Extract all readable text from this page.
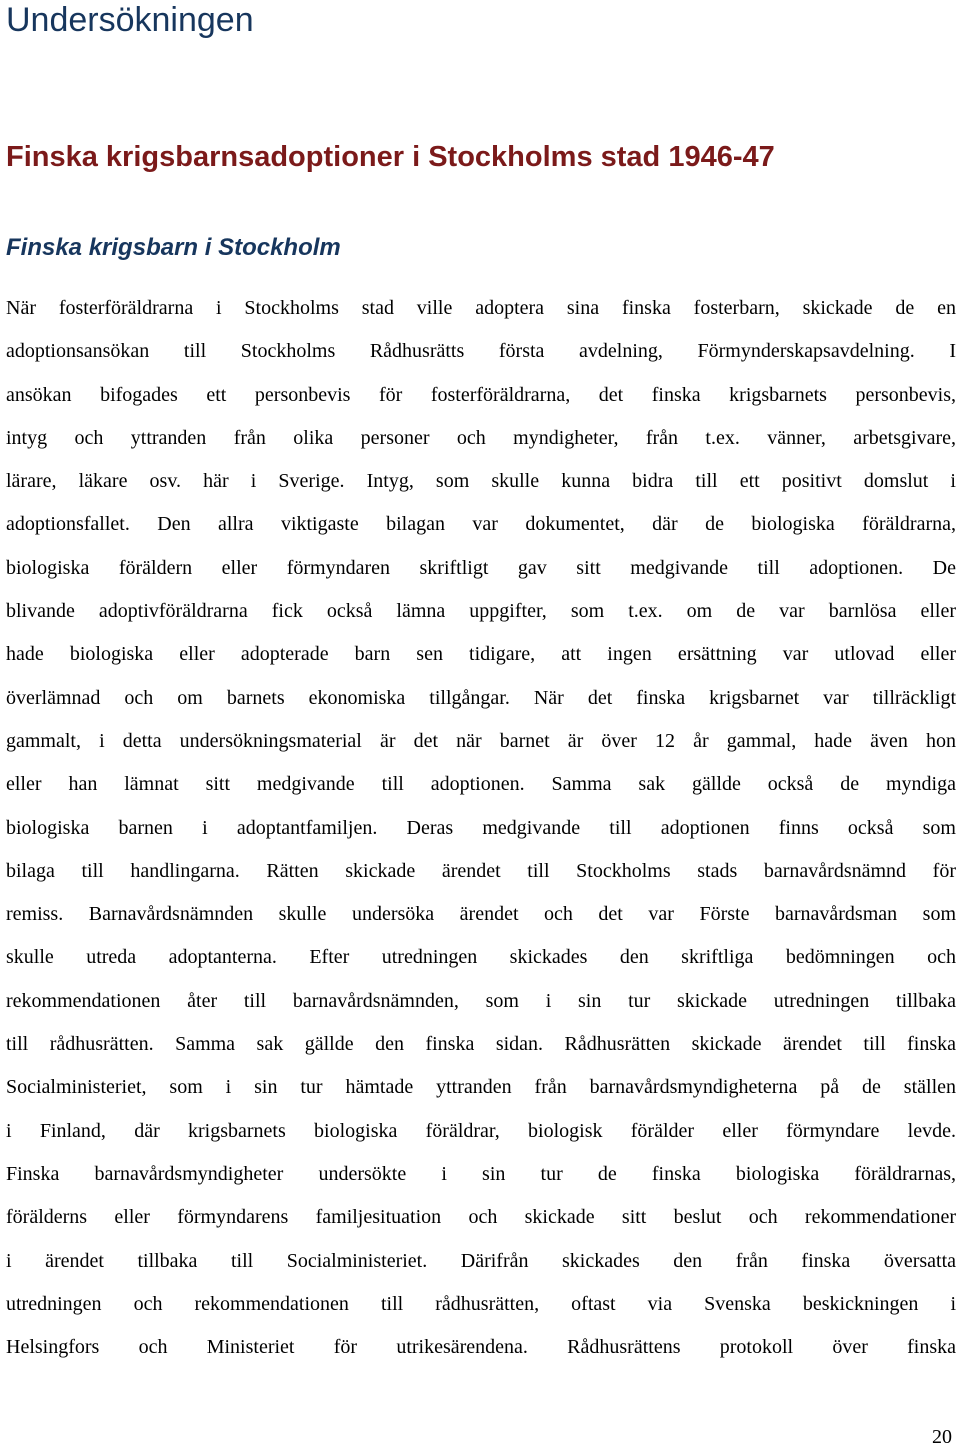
Undersökningen
Finska krigsbarnsadoptioner i Stockholms stad 1946-47
Finska krigsbarn i Stockholm
När fosterföräldrarna i Stockholms stad ville adoptera sina finska fosterbarn, skickade de en
adoptionsansökan till Stockholms Rådhusrätts första avdelning, Förmynderskapsavdelning. I
ansökan bifogades ett personbevis för fosterföräldrarna, det finska krigsbarnets personbevis,
intyg och yttranden från olika personer och myndigheter, från t.ex. vänner, arbetsgivare,
lärare, läkare osv. här i Sverige. Intyg, som skulle kunna bidra till ett positivt domslut i
adoptionsfallet. Den allra viktigaste bilagan var dokumentet, där de biologiska föräldrarna,
biologiska föräldern eller förmyndaren skriftligt gav sitt medgivande till adoptionen. De
blivande adoptivföräldrarna fick också lämna uppgifter, som t.ex. om de var barnlösa eller
hade biologiska eller adopterade barn sen tidigare, att ingen ersättning var utlovad eller
överlämnad och om barnets ekonomiska tillgångar. När det finska krigsbarnet var tillräckligt
gammalt, i detta undersökningsmaterial är det när barnet är över 12 år gammal, hade även hon
eller han lämnat sitt medgivande till adoptionen. Samma sak gällde också de myndiga
biologiska barnen i adoptantfamiljen. Deras medgivande till adoptionen finns också som
bilaga till handlingarna. Rätten skickade ärendet till Stockholms stads barnavårdsnämnd för
remiss. Barnavårdsnämnden skulle undersöka ärendet och det var Förste barnavårdsman som
skulle utreda adoptanterna. Efter utredningen skickades den skriftliga bedömningen och
rekommendationen åter till barnavårdsnämnden, som i sin tur skickade utredningen tillbaka
till rådhusrätten. Samma sak gällde den finska sidan. Rådhusrätten skickade ärendet till finska
Socialministeriet, som i sin tur hämtade yttranden från barnavårdsmyndigheterna på de ställen
i Finland, där krigsbarnets biologiska föräldrar, biologisk förälder eller förmyndare levde.
Finska barnavårdsmyndigheter undersökte i sin tur de finska biologiska föräldrarnas,
förälderns eller förmyndarens familjesituation och skickade sitt beslut och rekommendationer
i ärendet tillbaka till Socialministeriet. Därifrån skickades den från finska översatta
utredningen och rekommendationen till rådhusrätten, oftast via Svenska beskickningen i
Helsingfors och Ministeriet för utrikesärendena. Rådhusrättens protokoll över finska
20
